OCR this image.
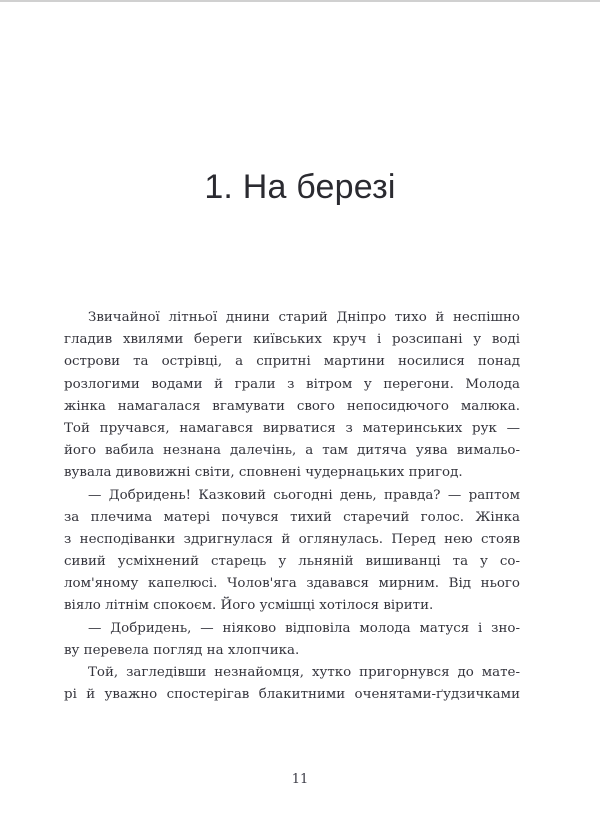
1. На березі
Звичайної літньої днини старий Дніпро тихо й неспішно
гладив хвилями береги київських круч і розсипані у воді
острови та острівці, а спритні мартини носилися понад
розлогими водами й грали з вітром у перегони. Молода
жінка намагалася вгамувати свого непосидючого малюка.
Той пручався, намагався вирватися з материнських рук —
його вабила незнана далечінь, а там дитяча уява вимальо-
вувала дивовижні світи, сповнені чудернацьких пригод.
— Добридень! Казковий сьогодні день, правда? — раптом
за плечима матері почувся тихий старечий голос. Жінка
з несподіванки здригнулася й оглянулась. Перед нею стояв
сивий усміхнений старець у льняній вишиванці та у со-
лом'яному капелюсі. Чолов'яга здавався мирним. Від нього
віяло літнім спокоєм. Його усмішці хотілося вірити.
— Добридень, — ніяково відповіла молода матуся і зно-
ву перевела погляд на хлопчика.
Той, загледівши незнайомця, хутко пригорнувся до мате-
рі й уважно спостерігав блакитними оченятами-ґудзичками
11
